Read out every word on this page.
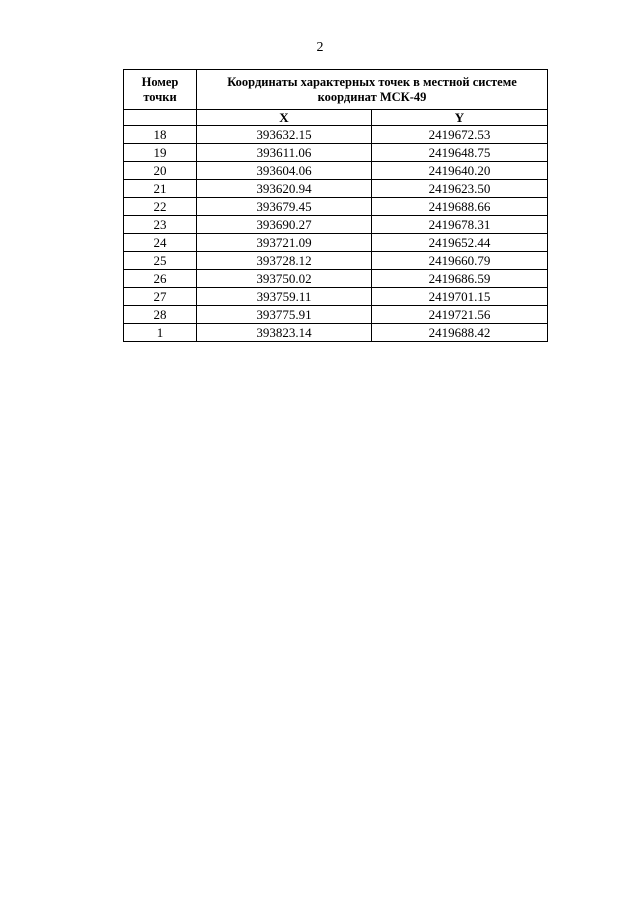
2
Номер
точки	Координаты характерных точек в местной системе
координат МСК-49	

	X	Y
18	393632.15	2419672.53
19	393611.06	2419648.75
20	393604.06	2419640.20
21	393620.94	2419623.50
22	393679.45	2419688.66
23	393690.27	2419678.31
24	393721.09	2419652.44
25	393728.12	2419660.79
26	393750.02	2419686.59
27	393759.11	2419701.15
28	393775.91	2419721.56
1	393823.14	2419688.42
